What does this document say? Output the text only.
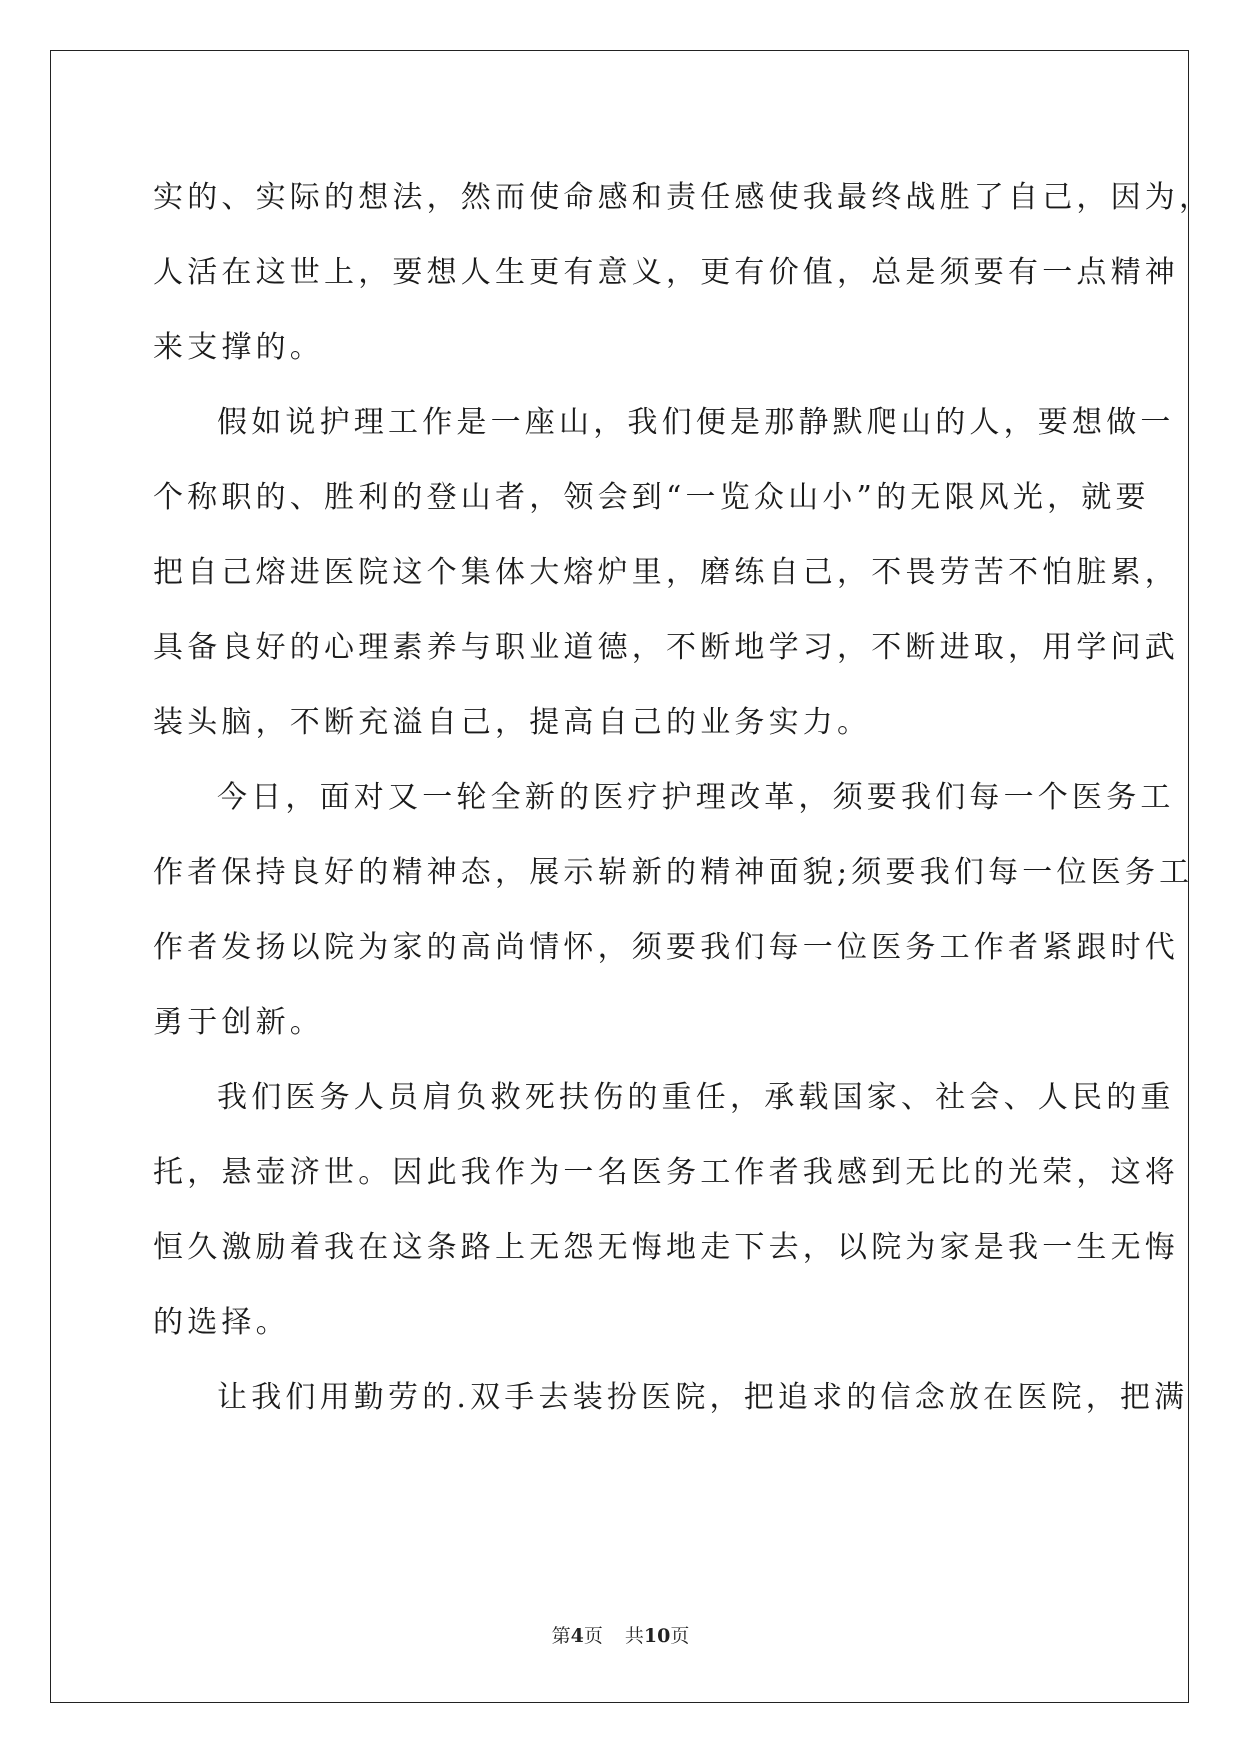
实的、实际的想法，然而使命感和责任感使我最终战胜了自己，因为，
人活在这世上，要想人生更有意义，更有价值，总是须要有一点精神
来支撑的。
假如说护理工作是一座山，我们便是那静默爬山的人，要想做一
个称职的、胜利的登山者，领会到“一览众山小”的无限风光，就要
把自己熔进医院这个集体大熔炉里，磨练自己，不畏劳苦不怕脏累，
具备良好的心理素养与职业道德，不断地学习，不断进取，用学问武
装头脑，不断充溢自己，提高自己的业务实力。
今日，面对又一轮全新的医疗护理改革，须要我们每一个医务工
作者保持良好的精神态，展示崭新的精神面貌;须要我们每一位医务工
作者发扬以院为家的高尚情怀，须要我们每一位医务工作者紧跟时代
勇于创新。
我们医务人员肩负救死扶伤的重任，承载国家、社会、人民的重
托，悬壶济世。因此我作为一名医务工作者我感到无比的光荣，这将
恒久激励着我在这条路上无怨无悔地走下去，以院为家是我一生无悔
的选择。
让我们用勤劳的.双手去装扮医院，把追求的信念放在医院，把满
第4页 共10页
